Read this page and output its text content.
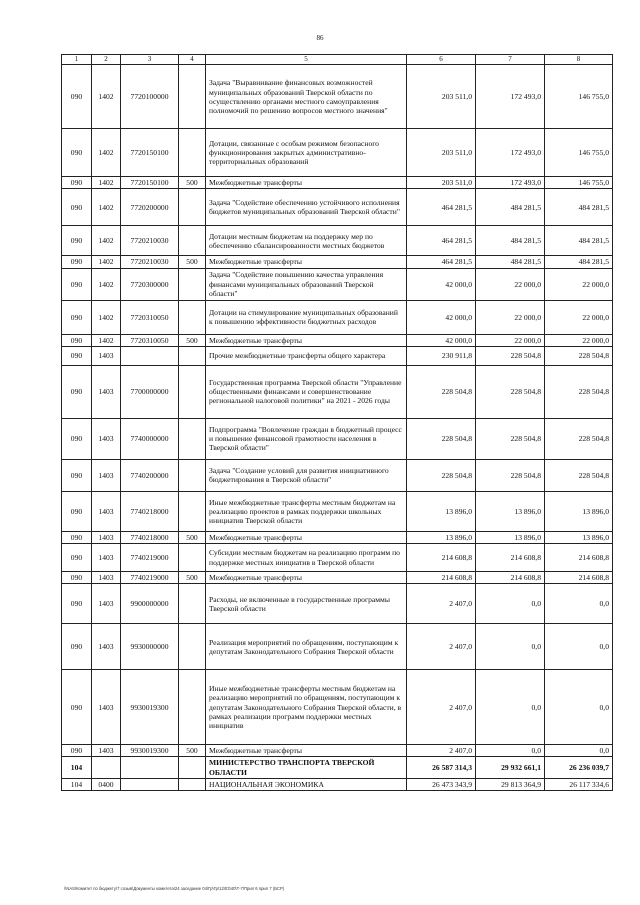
86
1	2	3	4	5	6	7	8
090	1402	7720100000		Задача "Выравнивание финансовых возможностей муниципальных образований Тверской области по осуществлению органами местного самоуправления полномочий по решению вопросов местного значения"	203 511,0	172 493,0	146 755,0
090	1402	7720150100		Дотации, связанные с особым режимом безопасного функционирования закрытых административно-территориальных образований	203 511,0	172 493,0	146 755,0
090	1402	7720150100	500	Межбюджетные трансферты	203 511,0	172 493,0	146 755,0
090	1402	7720200000		Задача "Содействие обеспечению устойчивого исполнения бюджетов муниципальных образований Тверской области"	464 281,5	484 281,5	484 281,5
090	1402	7720210030		Дотации местным бюджетам на поддержку мер по обеспечению сбалансированности местных бюджетов	464 281,5	484 281,5	484 281,5
090	1402	7720210030	500	Межбюджетные трансферты	464 281,5	484 281,5	484 281,5
090	1402	7720300000		Задача "Содействие повышению качества управления финансами муниципальных образований Тверской области"	42 000,0	22 000,0	22 000,0
090	1402	7720310050		Дотации на стимулирование муниципальных образований к повышению эффективности бюджетных расходов	42 000,0	22 000,0	22 000,0
090	1402	7720310050	500	Межбюджетные трансферты	42 000,0	22 000,0	22 000,0
090	1403			Прочие межбюджетные трансферты общего характера	230 911,8	228 504,8	228 504,8
090	1403	7700000000		Государственная программа Тверской области "Управление общественными финансами и совершенствование региональной налоговой политики" на 2021 - 2026 годы	228 504,8	228 504,8	228 504,8
090	1403	7740000000		Подпрограмма "Вовлечение граждан в бюджетный процесс и повышение финансовой грамотности населения в Тверской области"	228 504,8	228 504,8	228 504,8
090	1403	7740200000		Задача "Создание условий для развития инициативного бюджетирования в Тверской области"	228 504,8	228 504,8	228 504,8
090	1403	7740218000		Иные межбюджетные трансферты местным бюджетам на реализацию проектов в рамках поддержки школьных инициатив Тверской области	13 896,0	13 896,0	13 896,0
090	1403	7740218000	500	Межбюджетные трансферты	13 896,0	13 896,0	13 896,0
090	1403	7740219000		Субсидии местным бюджетам на реализацию программ по поддержке местных инициатив в Тверской области	214 608,8	214 608,8	214 608,8
090	1403	7740219000	500	Межбюджетные трансферты	214 608,8	214 608,8	214 608,8
090	1403	9900000000		Расходы, не включенные в государственные программы Тверской области	2 407,0	0,0	0,0
090	1403	9930000000		Реализация мероприятий по обращениям, поступающим к депутатам Законодательного Собрания Тверской области	2 407,0	0,0	0,0
090	1403	9930019300		Иные межбюджетные трансферты местным бюджетам на реализацию мероприятий по обращениям, поступающим к депутатам Законодательного Собрания Тверской области, в рамках реализации программ поддержки местных инициатив	2 407,0	0,0	0,0
090	1403	9930019300	500	Межбюджетные трансферты	2 407,0	0,0	0,0
104				МИНИСТЕРСТВО ТРАНСПОРТА ТВЕРСКОЙ ОБЛАСТИ	26 587 314,3	29 932 661,1	26 236 039,7
104	0400			НАЦИОНАЛЬНАЯ ЭКОНОМИКА	26 473 343,9	29 813 364,9	26 117 334,6
\\NAS\Комитет по бюджету\7 созыв\Документы комитета\24 заседание 04\Гр\Гр\12\03\40\Т-7\Прил 6 прил 7 (БСР)
